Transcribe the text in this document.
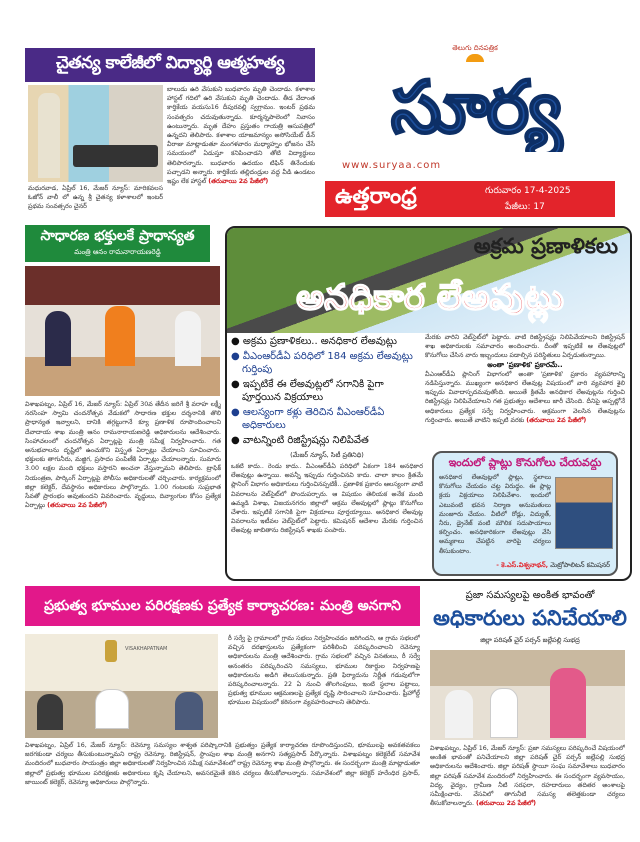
చైతన్య కాలేజీలో విద్యార్థి ఆత్మహత్య
మధురవాడ, ఏప్రిల్ 16, మేజర్ న్యూస్: మారికవలస ఓజోన్ వాలీ లో ఉన్న శ్రీ చైతన్య కళాశాలలో ఇంటర్ ప్రథమ సంవత్సరం చైనర్
బాలుడు ఉరి వేసుకుని బుధవారం మృతి చెందాడు. కళాశాల హాస్టల్ గదిలో ఉరి వేసుకుని మృతి చెందాడు. తీడ వేదాంత కార్తికేయ వయసు16 దీపురవల్లి స్వగ్రామం. ఇంటర్ ప్రథమ సంవత్సరం చదువుతున్నాడు. కూర్మన్నపాలెంలో నివాసం ఉంటున్నారు. మృత దేహం ప్రస్తుతం గాయత్రి ఆసుపత్రిలో ఉన్నదని తెలిపారు. కళాశాల యాజమాన్యం అసోసియేట్ డీన్ వీరాజు మాట్లాడుతూ మంగళవారం మధ్యాహ్నం భోజనం చేసే సమయంలో ఏడుస్తూ కనిపించాడని తోటి విద్యార్థులు తెలిపారన్నారు. బుధవారం ఉదయం టిఫిన్ తినేందుకు పచ్చాడని అన్నారు. కార్తికేయ తల్లిదండ్రుల వద్ద వీడి ఉండటం ఇష్టం లేక హాస్టల్ (తరువాయి 2వ పేజీలో)
తెలుగు దినపత్రిక
సూర్య
www.suryaa.com
ఉత్తరాంధ్ర	గురువారం 17-4-2025
పేజీలు: 17
సాధారణ భక్తులకే ప్రాధాన్యత
మంత్రి ఆనం రామనారాయణరెడ్డి
విశాఖపట్నం, ఏప్రిల్ 16, మేజర్ న్యూస్: ఏప్రిల్ 30వ తేదీన జరిగే శ్రీ వరాహ లక్ష్మీ నరసింహ స్వామి చందనోత్సవ వేడుకలో సాధారణ భక్తుల దర్శనానికి తొలి ప్రాధాన్యత ఇవ్వాలని, దానికి తగ్గట్టుగానే క్యూ ప్రణాళిక రూపొందించాలని దేవాదాయ శాఖ మంత్రి ఆనం రామనారాయణరెడ్డి అధికారులను ఆదేశించారు. సింహాచలంలో చందనోత్సవ ఏర్పాట్లపై మంత్రి సమీక్ష నిర్వహించారు. గత అనుభవాలను దృష్టిలో ఉంచుకొని విస్తృత ఏర్పాట్లు చేయాలని సూచించారు. భక్తులకు తాగునీరు, మజ్జిగ, ప్రసాదం పంపిణీకి ఏర్పాట్లు చేయాలన్నారు. సుమారు 3.00 లక్షల మంది భక్తులు వస్తారని అంచనా వేస్తున్నామని తెలిపారు. ట్రాఫిక్ నియంత్రణ, పార్కింగ్ ఏర్పాట్లపై పోలీసు అధికారులతో చర్చించారు. కార్యక్రమంలో జిల్లా కలెక్టర్, దేవస్థానం అధికారులు పాల్గొన్నారు. 1.00 గంటలకు సుప్రభాత సేవతో ప్రారంభం అవుతుందని వివరించారు. వృద్ధులు, దివ్యాంగుల కోసం ప్రత్యేక ఏర్పాట్లు (తరువాయి 2వ పేజీలో)
అక్రమ ప్రణాళికలు
అనధికార లేఅవుట్లు
● అక్రమ ప్రణాళికలు.. అనధికార లేఅవుట్లు
● వీఎంఆర్‌డీఏ పరిధిలో 184 అక్రమ లేఅవుట్లు గుర్తింపు
● ఇప్పటికే ఈ లేఅవుట్లలో సగానికి పైగా పూర్తయిన విక్రయాలు
● ఆలస్యంగా కళ్లు తెరిచిన వీఎంఆర్‌డీఏ అధికారులు
● వాటన్నింటి రిజిస్ట్రేషన్లు నిలిపివేత
(మేజర్ న్యూస్, సిటీ ప్రతినిధి)
ఒకటి కాదు.. రెండు కాదు.. వీఎంఆర్‌డీఏ పరిధిలో ఏకంగా 184 అనధికార లేఅవుట్లు ఉన్నాయి. అవన్నీ ఇప్పుడు గుర్తించినవి కాదు. చాలా కాలం క్రితమే ప్లానింగ్ విభాగం అధికారులు గుర్తించినప్పటికీ.. ప్రణాళిక ప్రకారం ఆలస్యంగా వాటి వివరాలను వెబ్‌సైట్‌లో పొందుపర్చారు. ఆ విషయం తెలియక అనేక మంది ఉమ్మడి విశాఖ, విజయనగరం జిల్లాలో అక్రమ లేఅవుట్లలో ప్లాట్లు కొనుగోలు చేశారు. ఇప్పటికే సగానికి పైగా విక్రయాలు పూర్తయ్యాయి. అనధికార లేఅవుట్ల వివరాలను ఇటీవల వెబ్‌సైట్‌లో పెట్టారు. కమిషనర్ ఆదేశాల మేరకు గుర్తించిన లేఅవుట్ల జాబితాను రిజిస్ట్రేషన్ శాఖకు పంపారు.
మేరకు వారిని వెబ్‌సైట్‌లో పెట్టారు. వాటి రిజిస్ట్రేషన్లు నిలిపివేయాలని రిజిస్ట్రేషన్ శాఖ అధికారులకు సమాచారం అందించారు. దీంతో ఇప్పటికే ఆ లేఅవుట్లలో కొనుగోలు చేసిన వారు ఇబ్బందులు పడాల్సిన పరిస్థితులు ఏర్పడుతున్నాయి.
అంతా 'ప్రణాళిక' ప్రకారమే..
వీఎంఆర్‌డీఏ ప్లానింగ్ విభాగంలో అంతా 'ప్రణాళిక' ప్రకారం వ్యవహారాన్ని నడిపిస్తున్నారు. ముఖ్యంగా అనధికార లేఅవుట్ల విషయంలో వారి వ్యవహార శైలి ఇప్పుడు వివాదాస్పదమవుతోంది. అయితే క్రితమే అనధికార లేఅవుట్లను గుర్తించి రిజిస్ట్రేషన్లు నిలిపివేయాలని గత ప్రభుత్వం ఆదేశాలు జారీ చేసింది. దీనిపై అప్పట్లోనే అధికారులు ప్రత్యేక సర్వే నిర్వహించారు. అక్రమంగా వెలసిన లేఅవుట్లను గుర్తించారు. అయితే వాటిని ఇప్పటి వరకు (తరువాయి 2వ పేజీలో)
ఇందులో ప్లాట్లు కొనుగోలు చేయవద్దు
అనధికార లేఅవుట్లలో ప్లాట్లు, స్థలాలు కొనుగోలు చేయడం చట్ట విరుద్ధం. ఈ ప్లాట్ల క్రయ విక్రయాలు నిలిపివేశాం. ఇందులో ఎటువంటి భవన నిర్మాణ అనుమతులు మంజూరు చేయం. వీటిలో రోడ్లు, విద్యుత్, నీరు, డ్రైనేజ్ వంటి మౌలిక సదుపాయాలు కల్పించం. అనధికారికంగా లేఅవుట్లు వేసి అమ్మకాలు చేపట్టిన వారిపై చర్యలు తీసుకుంటాం.
- కె.ఎస్.విశ్వనాథన్, మెట్రోపాలిటన్ కమిషనర్
ప్రభుత్వ భూముల పరిరక్షణకు ప్రత్యేక కార్యాచరణ: మంత్రి అనగాని
VISAKHAPATNAM
రీ సర్వే పై గ్రామాలలో గ్రామ సభలు నిర్వహించడం జరిగిందని, ఆ గ్రామ సభలలో వచ్చిన దరఖాస్తులను ప్రత్యేకంగా పరిశీలించి పరిష్కరించాలని రెవెన్యూ అధికారులను మంత్రి ఆదేశించారు. గ్రామ సభలలో వచ్చిన వినతులు, రీ సర్వే అనంతరం పరిష్కరించని సమస్యలు, భూముల రికార్డుల నిర్వహణపై అధికారులను అడిగి తెలుసుకున్నారు. ప్రతి ఫిర్యాదును నిర్ణీత గడువులోగా పరిష్కరించాలన్నారు. 22 ఏ నుంచి తొలగింపులు, ఇంటి స్థలాల పట్టాలు, ప్రభుత్వ భూముల ఆక్రమణలపై ప్రత్యేక దృష్టి సారించాలని సూచించారు. ఫ్రీహోల్డ్ భూముల విషయంలో కఠినంగా వ్యవహరించాలని తెలిపారు.
విశాఖపట్నం, ఏప్రిల్ 16, మేజర్ న్యూస్: రెవెన్యూ సమస్యల శాశ్వత పరిష్కారానికి ప్రభుత్వం ప్రత్యేక కార్యాచరణ రూపొందిస్తుందని, భూములపై అవకతవకలు జరగకుండా చర్యలు తీసుకుంటున్నామని రాష్ట్ర రెవెన్యూ, రిజిస్ట్రేషన్, స్టాంపుల శాఖ మంత్రి అనగాని సత్యప్రసాద్ పేర్కొన్నారు. విశాఖపట్నం కలెక్టరేట్ సమావేశ మందిరంలో బుధవారం సాయంత్రం జిల్లా అధికారులతో నిర్వహించిన సమీక్ష సమావేశంలో రాష్ట్ర రెవెన్యూ శాఖ మంత్రి పాల్గొన్నారు. ఈ సందర్భంగా మంత్రి మాట్లాడుతూ జిల్లాలో ప్రభుత్వ భూముల పరిరక్షణకు అధికారులు కృషి చేయాలని, అవసరమైతే కఠిన చర్యలు తీసుకోవాలన్నారు. సమావేశంలో జిల్లా కలెక్టర్ హరేంధిర ప్రసాద్, జాయింట్ కలెక్టర్, రెవెన్యూ అధికారులు పాల్గొన్నారు.
ప్రజా సమస్యలపై అంకిత భావంతో
అధికారులు పనిచేయాలి
జిల్లా పరిషత్ చైర్ పర్సన్ జల్లేపల్లి సుభద్ర
విశాఖపట్నం, ఏప్రిల్ 16, మేజర్ న్యూస్: ప్రజా సమస్యలు పరిష్కరించే విషయంలో అంకిత భావంతో పనిచేయాలని జిల్లా పరిషత్ చైర్ పర్సన్ జల్లేపల్లి సుభద్ర అధికారులను ఆదేశించారు. జిల్లా పరిషత్ స్థాయీ సంఘ సమావేశాలు బుధవారం జిల్లా పరిషత్ సమావేశ మందిరంలో నిర్వహించారు. ఈ సందర్భంగా వ్యవసాయం, విద్య, వైద్యం, గ్రామీణ నీటి సరఫరా, రహదారులు తదితర అంశాలపై సమీక్షించారు. వేసవిలో తాగునీటి సమస్య తలెత్తకుండా చర్యలు తీసుకోవాలన్నారు. (తరువాయి 2వ పేజీలో)
